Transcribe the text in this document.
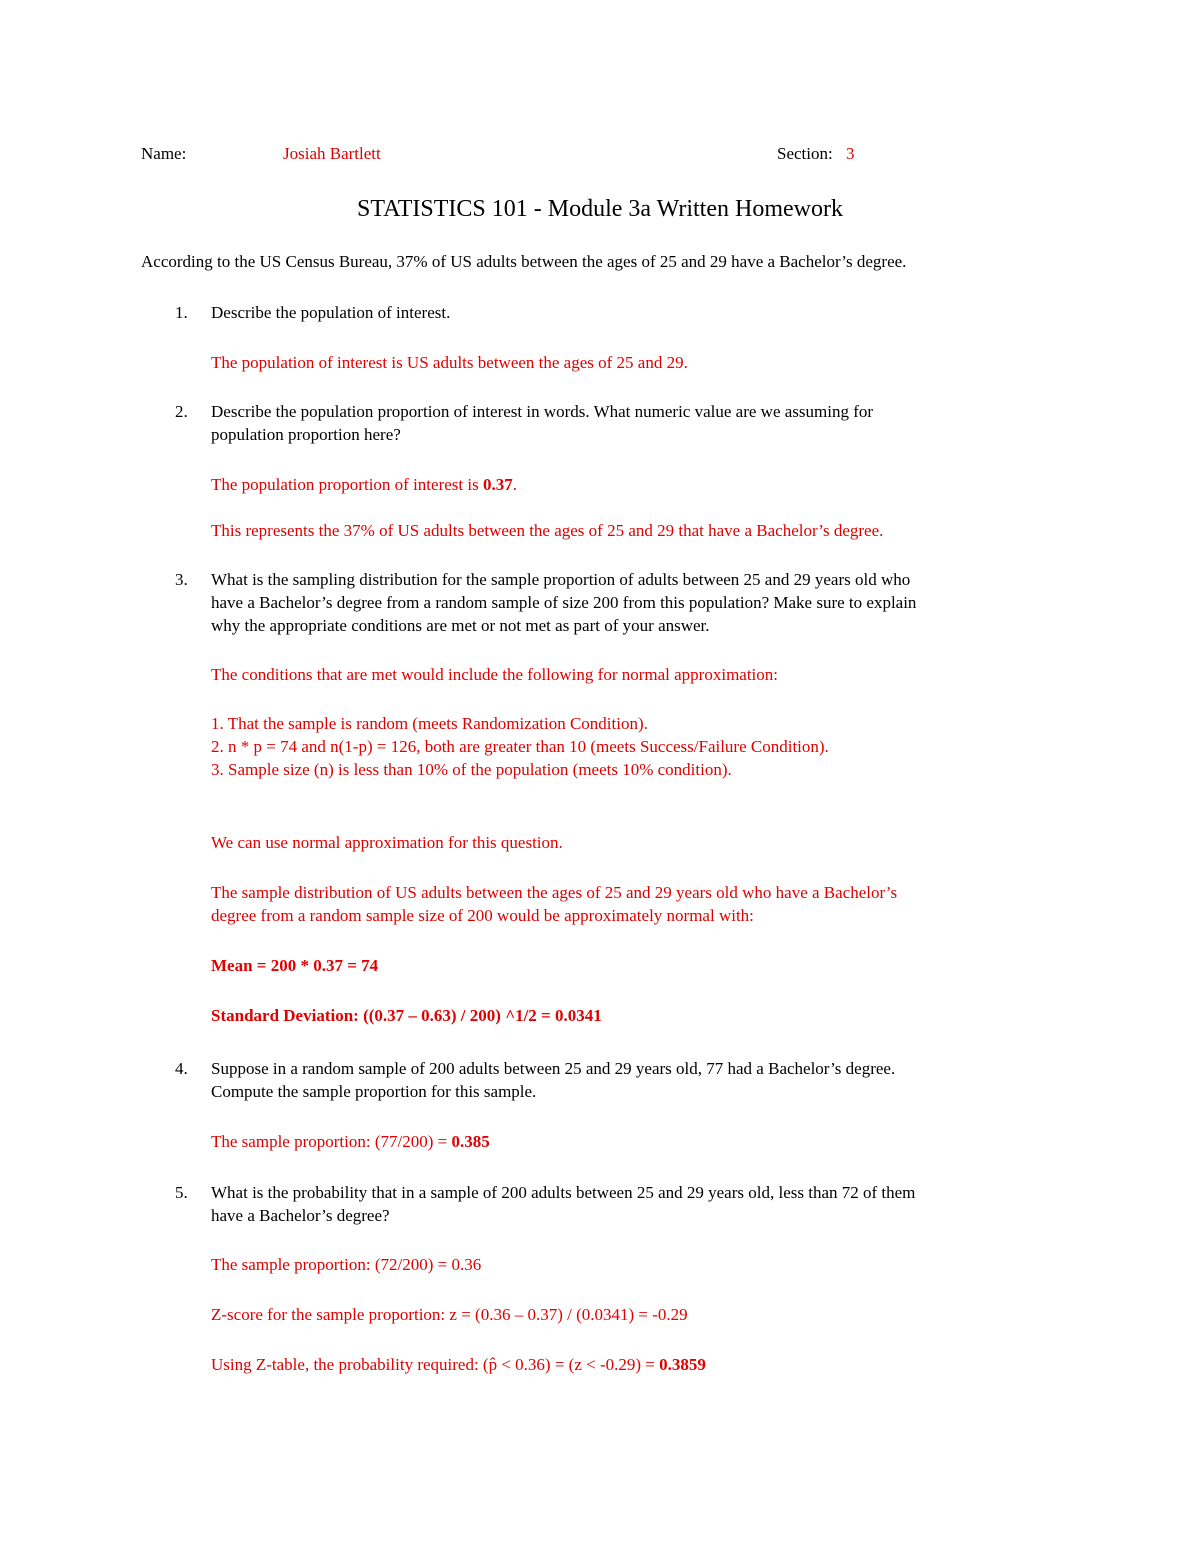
Name:	Josiah Bartlett	Section: 3
STATISTICS 101 - Module 3a Written Homework
According to the US Census Bureau, 37% of US adults between the ages of 25 and 29 have a Bachelor’s degree.
1. Describe the population of interest.
The population of interest is US adults between the ages of 25 and 29.
2. Describe the population proportion of interest in words. What numeric value are we assuming for
population proportion here?
The population proportion of interest is 0.37.
This represents the 37% of US adults between the ages of 25 and 29 that have a Bachelor’s degree.
3. What is the sampling distribution for the sample proportion of adults between 25 and 29 years old who
have a Bachelor’s degree from a random sample of size 200 from this population? Make sure to explain
why the appropriate conditions are met or not met as part of your answer.
The conditions that are met would include the following for normal approximation:
1. That the sample is random (meets Randomization Condition).
2. n * p = 74 and n(1-p) = 126, both are greater than 10 (meets Success/Failure Condition).
3. Sample size (n) is less than 10% of the population (meets 10% condition).
We can use normal approximation for this question.
The sample distribution of US adults between the ages of 25 and 29 years old who have a Bachelor’s
degree from a random sample size of 200 would be approximately normal with:
Mean = 200 * 0.37 = 74
Standard Deviation: ((0.37 – 0.63) / 200) ^1/2 = 0.0341
4. Suppose in a random sample of 200 adults between 25 and 29 years old, 77 had a Bachelor’s degree.
Compute the sample proportion for this sample.
The sample proportion: (77/200) = 0.385
5. What is the probability that in a sample of 200 adults between 25 and 29 years old, less than 72 of them
have a Bachelor’s degree?
The sample proportion: (72/200) = 0.36
Z-score for the sample proportion: z = (0.36 – 0.37) / (0.0341) = -0.29
Using Z-table, the probability required: (p̂ < 0.36) = (z < -0.29) = 0.3859
